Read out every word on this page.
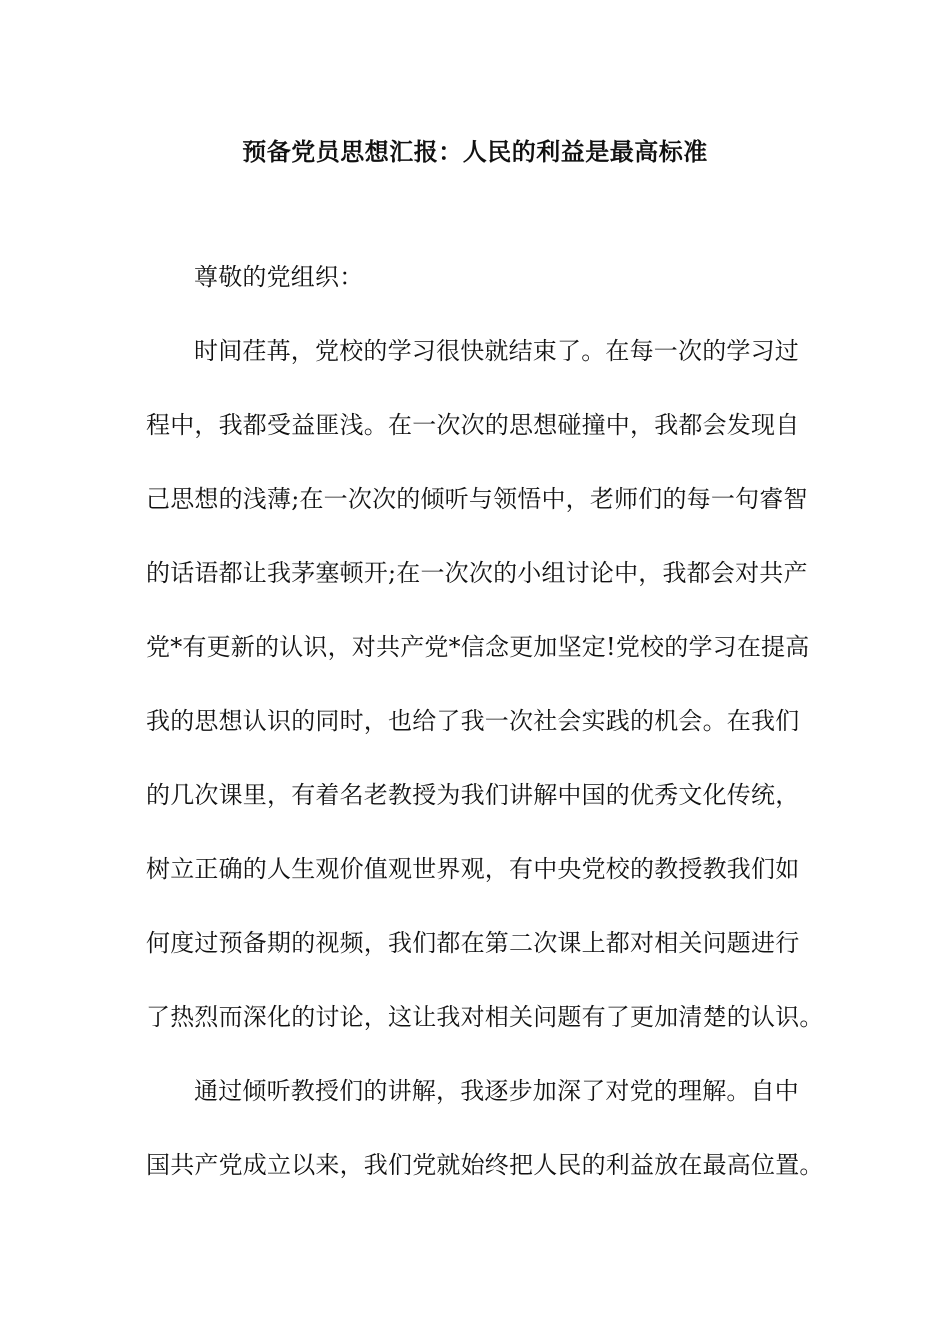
预备党员思想汇报：人民的利益是最高标准
尊敬的党组织：
时间荏苒，党校的学习很快就结束了。在每一次的学习过
程中，我都受益匪浅。在一次次的思想碰撞中，我都会发现自
己思想的浅薄;在一次次的倾听与领悟中，老师们的每一句睿智
的话语都让我茅塞顿开;在一次次的小组讨论中，我都会对共产
党*有更新的认识，对共产党*信念更加坚定!党校的学习在提高
我的思想认识的同时，也给了我一次社会实践的机会。在我们
的几次课里，有着名老教授为我们讲解中国的优秀文化传统，
树立正确的人生观价值观世界观，有中央党校的教授教我们如
何度过预备期的视频，我们都在第二次课上都对相关问题进行
了热烈而深化的讨论，这让我对相关问题有了更加清楚的认识。
通过倾听教授们的讲解，我逐步加深了对党的理解。自中
国共产党成立以来，我们党就始终把人民的利益放在最高位置。
